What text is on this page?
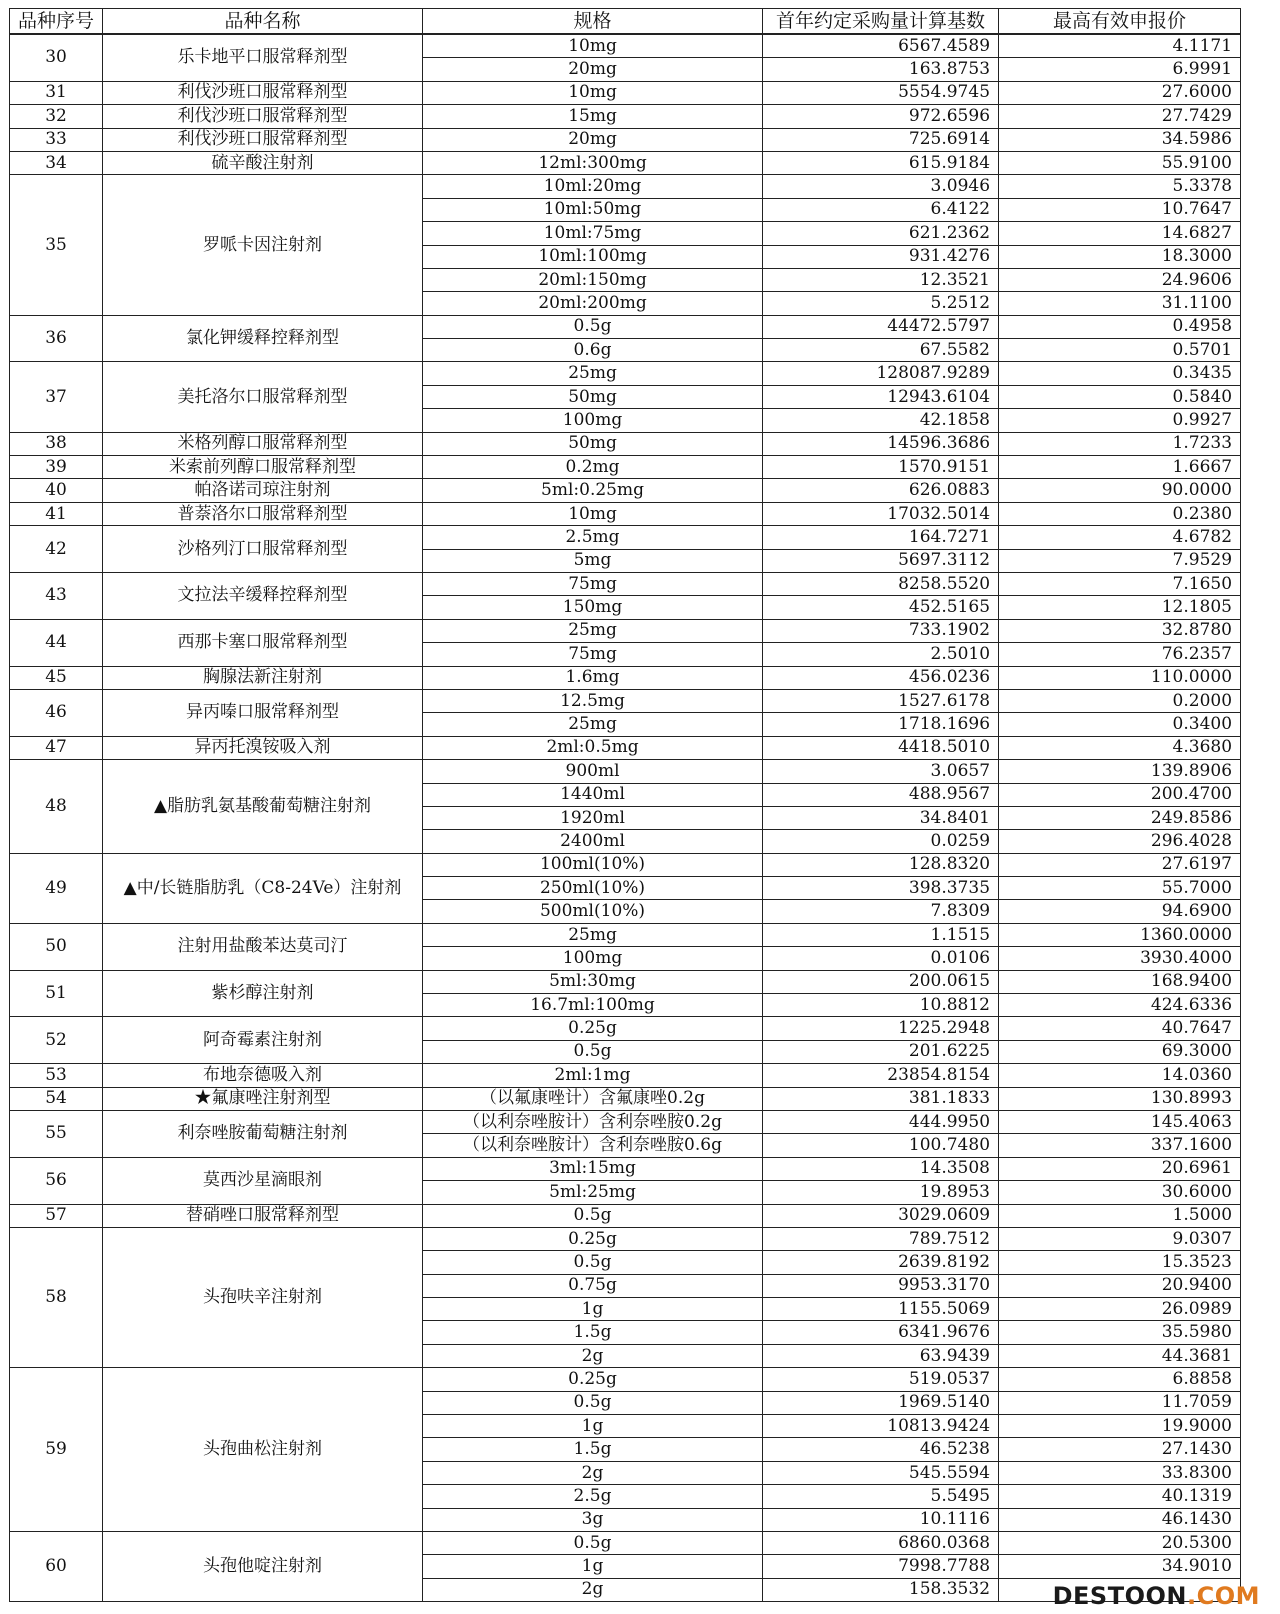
品种序号	品种名称	规格	首年约定采购量计算基数	最高有效申报价
30	乐卡地平口服常释剂型	10mg	6567.4589	4.1171
		20mg	163.8753	6.9991
31	利伐沙班口服常释剂型	10mg	5554.9745	27.6000
32	利伐沙班口服常释剂型	15mg	972.6596	27.7429
33	利伐沙班口服常释剂型	20mg	725.6914	34.5986
34	硫辛酸注射剂	12ml:300mg	615.9184	55.9100
35	罗哌卡因注射剂	10ml:20mg	3.0946	5.3378
		10ml:50mg	6.4122	10.7647
		10ml:75mg	621.2362	14.6827
		10ml:100mg	931.4276	18.3000
		20ml:150mg	12.3521	24.9606
		20ml:200mg	5.2512	31.1100
36	氯化钾缓释控释剂型	0.5g	44472.5797	0.4958
		0.6g	67.5582	0.5701
37	美托洛尔口服常释剂型	25mg	128087.9289	0.3435
		50mg	12943.6104	0.5840
		100mg	42.1858	0.9927
38	米格列醇口服常释剂型	50mg	14596.3686	1.7233
39	米索前列醇口服常释剂型	0.2mg	1570.9151	1.6667
40	帕洛诺司琼注射剂	5ml:0.25mg	626.0883	90.0000
41	普萘洛尔口服常释剂型	10mg	17032.5014	0.2380
42	沙格列汀口服常释剂型	2.5mg	164.7271	4.6782
		5mg	5697.3112	7.9529
43	文拉法辛缓释控释剂型	75mg	8258.5520	7.1650
		150mg	452.5165	12.1805
44	西那卡塞口服常释剂型	25mg	733.1902	32.8780
		75mg	2.5010	76.2357
45	胸腺法新注射剂	1.6mg	456.0236	110.0000
46	异丙嗪口服常释剂型	12.5mg	1527.6178	0.2000
		25mg	1718.1696	0.3400
47	异丙托溴铵吸入剂	2ml:0.5mg	4418.5010	4.3680
48	▲脂肪乳氨基酸葡萄糖注射剂	900ml	3.0657	139.8906
		1440ml	488.9567	200.4700
		1920ml	34.8401	249.8586
		2400ml	0.0259	296.4028
49	▲中/长链脂肪乳（C8-24Ve）注射剂	100ml(10%)	128.8320	27.6197
		250ml(10%)	398.3735	55.7000
		500ml(10%)	7.8309	94.6900
50	注射用盐酸苯达莫司汀	25mg	1.1515	1360.0000
		100mg	0.0106	3930.4000
51	紫杉醇注射剂	5ml:30mg	200.0615	168.9400
		16.7ml:100mg	10.8812	424.6336
52	阿奇霉素注射剂	0.25g	1225.2948	40.7647
		0.5g	201.6225	69.3000
53	布地奈德吸入剂	2ml:1mg	23854.8154	14.0360
54	★氟康唑注射剂型	（以氟康唑计）含氟康唑0.2g	381.1833	130.8993
55	利奈唑胺葡萄糖注射剂	（以利奈唑胺计）含利奈唑胺0.2g	444.9950	145.4063
		（以利奈唑胺计）含利奈唑胺0.6g	100.7480	337.1600
56	莫西沙星滴眼剂	3ml:15mg	14.3508	20.6961
		5ml:25mg	19.8953	30.6000
57	替硝唑口服常释剂型	0.5g	3029.0609	1.5000
58	头孢呋辛注射剂	0.25g	789.7512	9.0307
		0.5g	2639.8192	15.3523
		0.75g	9953.3170	20.9400
		1g	1155.5069	26.0989
		1.5g	6341.9676	35.5980
		2g	63.9439	44.3681
59	头孢曲松注射剂	0.25g	519.0537	6.8858
		0.5g	1969.5140	11.7059
		1g	10813.9424	19.9000
		1.5g	46.5238	27.1430
		2g	545.5594	33.8300
		2.5g	5.5495	40.1319
		3g	10.1116	46.1430
60	头孢他啶注射剂	0.5g	6860.0368	20.5300
		1g	7998.7788	34.9010
		2g	158.3532		DESTOON.COM
